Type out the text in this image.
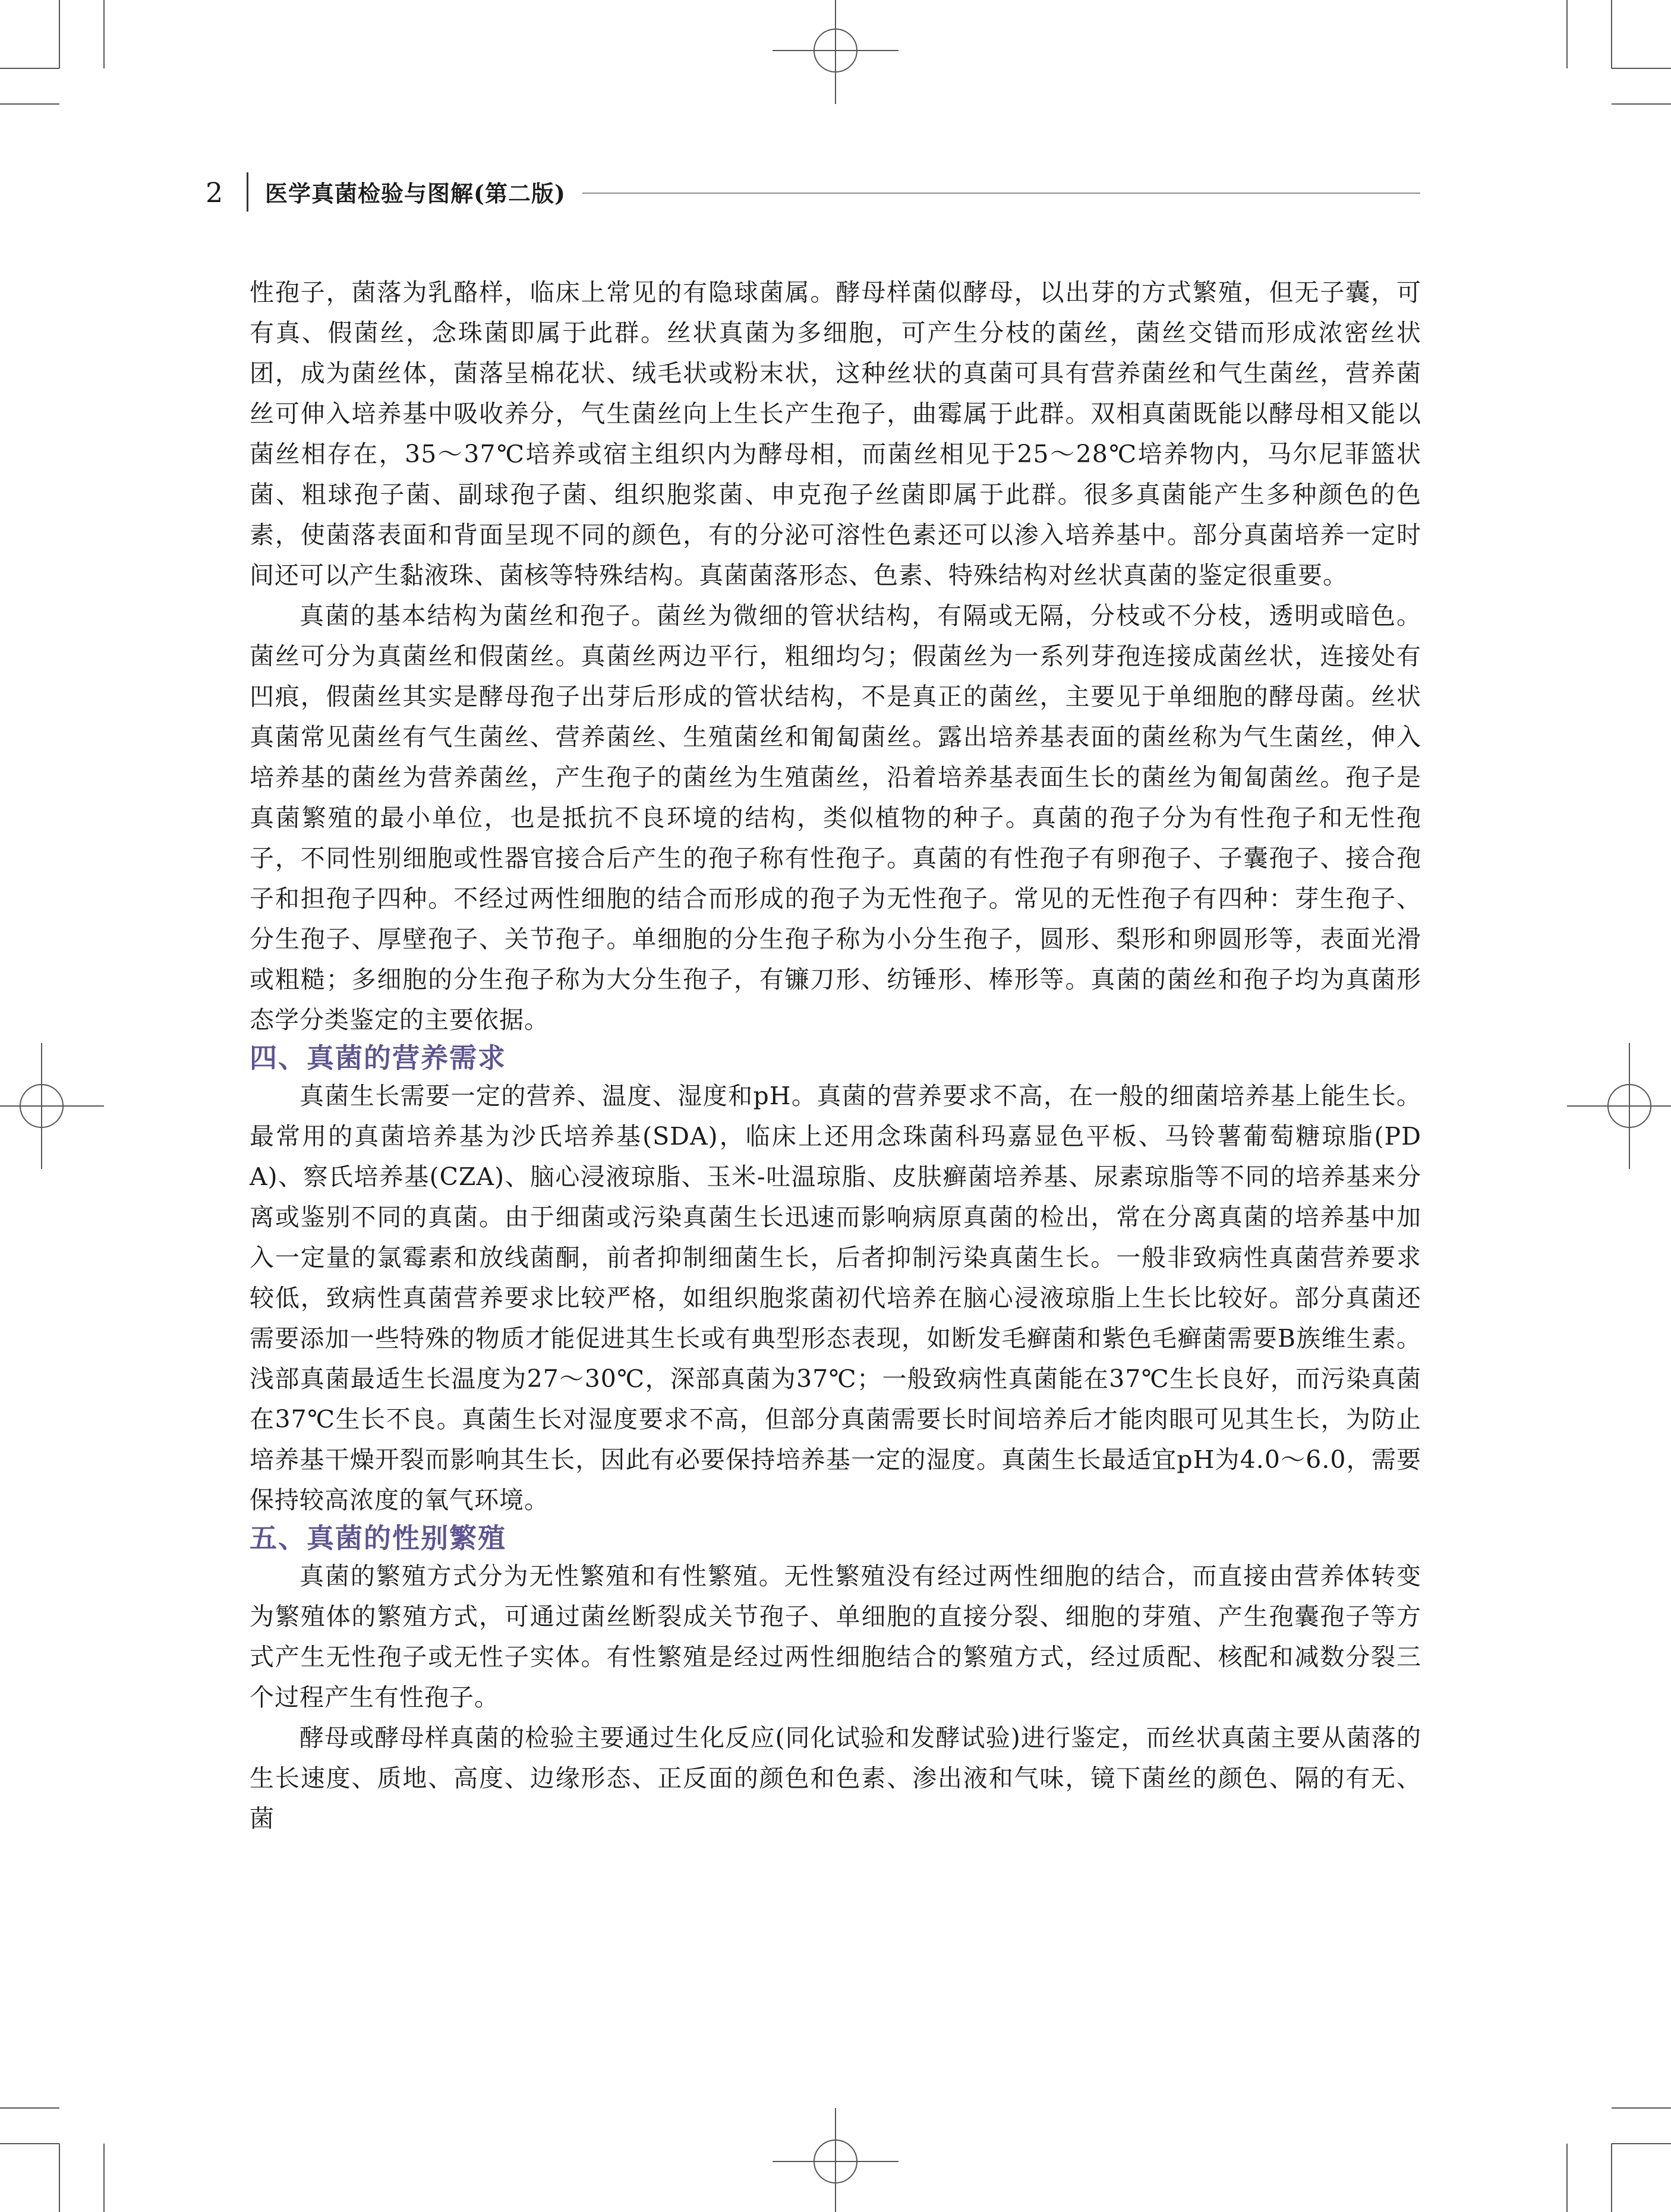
2 医学真菌检验与图解(第二版)

性孢子，菌落为乳酪样，临床上常见的有隐球菌属。酵母样菌似酵母，以出芽的方式繁殖，但无子囊，可有真、假菌丝，念珠菌即属于此群。丝状真菌为多细胞，可产生分枝的菌丝，菌丝交错而形成浓密丝状团，成为菌丝体，菌落呈棉花状、绒毛状或粉末状，这种丝状的真菌可具有营养菌丝和气生菌丝，营养菌丝可伸入培养基中吸收养分，气生菌丝向上生长产生孢子，曲霉属于此群。双相真菌既能以酵母相又能以菌丝相存在，35～37℃培养或宿主组织内为酵母相，而菌丝相见于25～28℃培养物内，马尔尼菲篮状菌、粗球孢子菌、副球孢子菌、组织胞浆菌、申克孢子丝菌即属于此群。很多真菌能产生多种颜色的色素，使菌落表面和背面呈现不同的颜色，有的分泌可溶性色素还可以渗入培养基中。部分真菌培养一定时间还可以产生黏液珠、菌核等特殊结构。真菌菌落形态、色素、特殊结构对丝状真菌的鉴定很重要。

真菌的基本结构为菌丝和孢子。菌丝为微细的管状结构，有隔或无隔，分枝或不分枝，透明或暗色。菌丝可分为真菌丝和假菌丝。真菌丝两边平行，粗细均匀；假菌丝为一系列芽孢连接成菌丝状，连接处有凹痕，假菌丝其实是酵母孢子出芽后形成的管状结构，不是真正的菌丝，主要见于单细胞的酵母菌。丝状真菌常见菌丝有气生菌丝、营养菌丝、生殖菌丝和匍匐菌丝。露出培养基表面的菌丝称为气生菌丝，伸入培养基的菌丝为营养菌丝，产生孢子的菌丝为生殖菌丝，沿着培养基表面生长的菌丝为匍匐菌丝。孢子是真菌繁殖的最小单位，也是抵抗不良环境的结构，类似植物的种子。真菌的孢子分为有性孢子和无性孢子，不同性别细胞或性器官接合后产生的孢子称有性孢子。真菌的有性孢子有卵孢子、子囊孢子、接合孢子和担孢子四种。不经过两性细胞的结合而形成的孢子为无性孢子。常见的无性孢子有四种：芽生孢子、分生孢子、厚壁孢子、关节孢子。单细胞的分生孢子称为小分生孢子，圆形、梨形和卵圆形等，表面光滑或粗糙；多细胞的分生孢子称为大分生孢子，有镰刀形、纺锤形、棒形等。真菌的菌丝和孢子均为真菌形态学分类鉴定的主要依据。

四、真菌的营养需求

真菌生长需要一定的营养、温度、湿度和pH。真菌的营养要求不高，在一般的细菌培养基上能生长。最常用的真菌培养基为沙氏培养基(SDA)，临床上还用念珠菌科玛嘉显色平板、马铃薯葡萄糖琼脂(PDA)、察氏培养基(CZA)、脑心浸液琼脂、玉米-吐温琼脂、皮肤癣菌培养基、尿素琼脂等不同的培养基来分离或鉴别不同的真菌。由于细菌或污染真菌生长迅速而影响病原真菌的检出，常在分离真菌的培养基中加入一定量的氯霉素和放线菌酮，前者抑制细菌生长，后者抑制污染真菌生长。一般非致病性真菌营养要求较低，致病性真菌营养要求比较严格，如组织胞浆菌初代培养在脑心浸液琼脂上生长比较好。部分真菌还需要添加一些特殊的物质才能促进其生长或有典型形态表现，如断发毛癣菌和紫色毛癣菌需要B族维生素。浅部真菌最适生长温度为27～30℃，深部真菌为37℃；一般致病性真菌能在37℃生长良好，而污染真菌在37℃生长不良。真菌生长对湿度要求不高，但部分真菌需要长时间培养后才能肉眼可见其生长，为防止培养基干燥开裂而影响其生长，因此有必要保持培养基一定的湿度。真菌生长最适宜pH为4.0～6.0，需要保持较高浓度的氧气环境。

五、真菌的性别繁殖

真菌的繁殖方式分为无性繁殖和有性繁殖。无性繁殖没有经过两性细胞的结合，而直接由营养体转变为繁殖体的繁殖方式，可通过菌丝断裂成关节孢子、单细胞的直接分裂、细胞的芽殖、产生孢囊孢子等方式产生无性孢子或无性子实体。有性繁殖是经过两性细胞结合的繁殖方式，经过质配、核配和减数分裂三个过程产生有性孢子。

酵母或酵母样真菌的检验主要通过生化反应(同化试验和发酵试验)进行鉴定，而丝状真菌主要从菌落的生长速度、质地、高度、边缘形态、正反面的颜色和色素、渗出液和气味，镜下菌丝的颜色、隔的有无、菌
